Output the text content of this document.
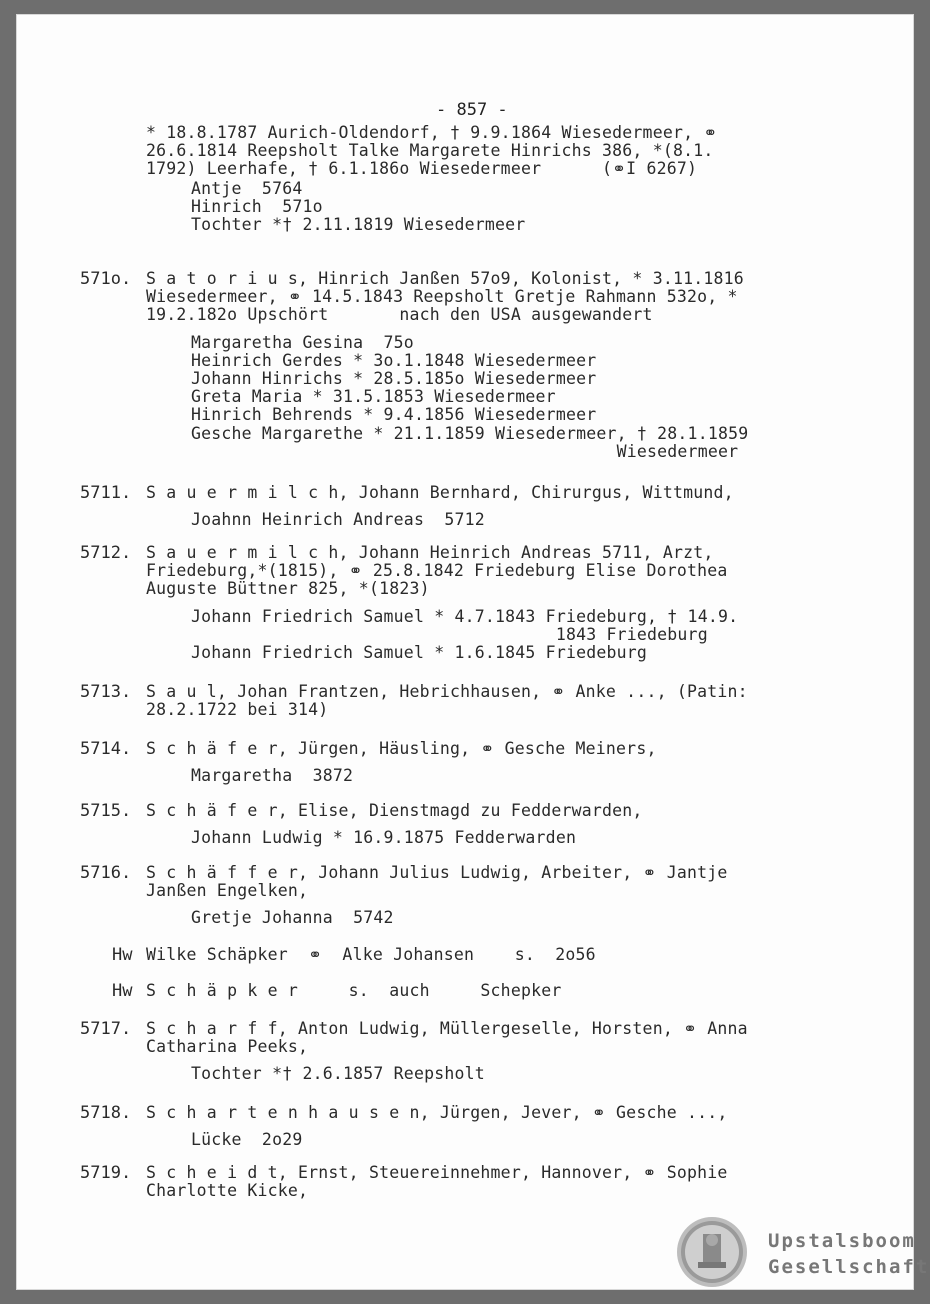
- 857 -
* 18.8.1787 Aurich-Oldendorf, † 9.9.1864 Wiesedermeer, ⚭
26.6.1814 Reepsholt Talke Margarete Hinrichs 386, *(8.1.
1792) Leerhafe, † 6.1.186o Wiesedermeer      (⚭I 6267)
Antje  5764
Hinrich  571o
Tochter *† 2.11.1819 Wiesedermeer
571o. S a t o r i u s, Hinrich Janßen 57o9, Kolonist, * 3.11.1816
Wiesedermeer, ⚭ 14.5.1843 Reepsholt Gretje Rahmann 532o, *
19.2.182o Upschört       nach den USA ausgewandert
Margaretha Gesina  75o
Heinrich Gerdes * 3o.1.1848 Wiesedermeer
Johann Hinrichs * 28.5.185o Wiesedermeer
Greta Maria * 31.5.1853 Wiesedermeer
Hinrich Behrends * 9.4.1856 Wiesedermeer
Gesche Margarethe * 21.1.1859 Wiesedermeer, † 28.1.1859
Wiesedermeer
5711. S a u e r m i l c h, Johann Bernhard, Chirurgus, Wittmund,
Joahnn Heinrich Andreas  5712
5712. S a u e r m i l c h, Johann Heinrich Andreas 5711, Arzt,
Friedeburg,*(1815), ⚭ 25.8.1842 Friedeburg Elise Dorothea
Auguste Büttner 825, *(1823)
Johann Friedrich Samuel * 4.7.1843 Friedeburg, † 14.9.
1843 Friedeburg
Johann Friedrich Samuel * 1.6.1845 Friedeburg
5713. S a u l, Johan Frantzen, Hebrichhausen, ⚭ Anke ..., (Patin:
28.2.1722 bei 314)
5714. S c h ä f e r, Jürgen, Häusling, ⚭ Gesche Meiners,
Margaretha  3872
5715. S c h ä f e r, Elise, Dienstmagd zu Fedderwarden,
Johann Ludwig * 16.9.1875 Fedderwarden
5716. S c h ä f f e r, Johann Julius Ludwig, Arbeiter, ⚭ Jantje
Janßen Engelken,
Gretje Johanna  5742
Hw Wilke Schäpker  ⚭  Alke Johansen    s.  2o56
Hw S c h ä p k e r     s.  auch     Schepker
5717. S c h a r f f, Anton Ludwig, Müllergeselle, Horsten, ⚭ Anna
Catharina Peeks,
Tochter *† 2.6.1857 Reepsholt
5718. S c h a r t e n h a u s e n, Jürgen, Jever, ⚭ Gesche ...,
Lücke  2o29
5719. S c h e i d t, Ernst, Steuereinnehmer, Hannover, ⚭ Sophie
Charlotte Kicke,
Upstalsboom
Gesellschaft
